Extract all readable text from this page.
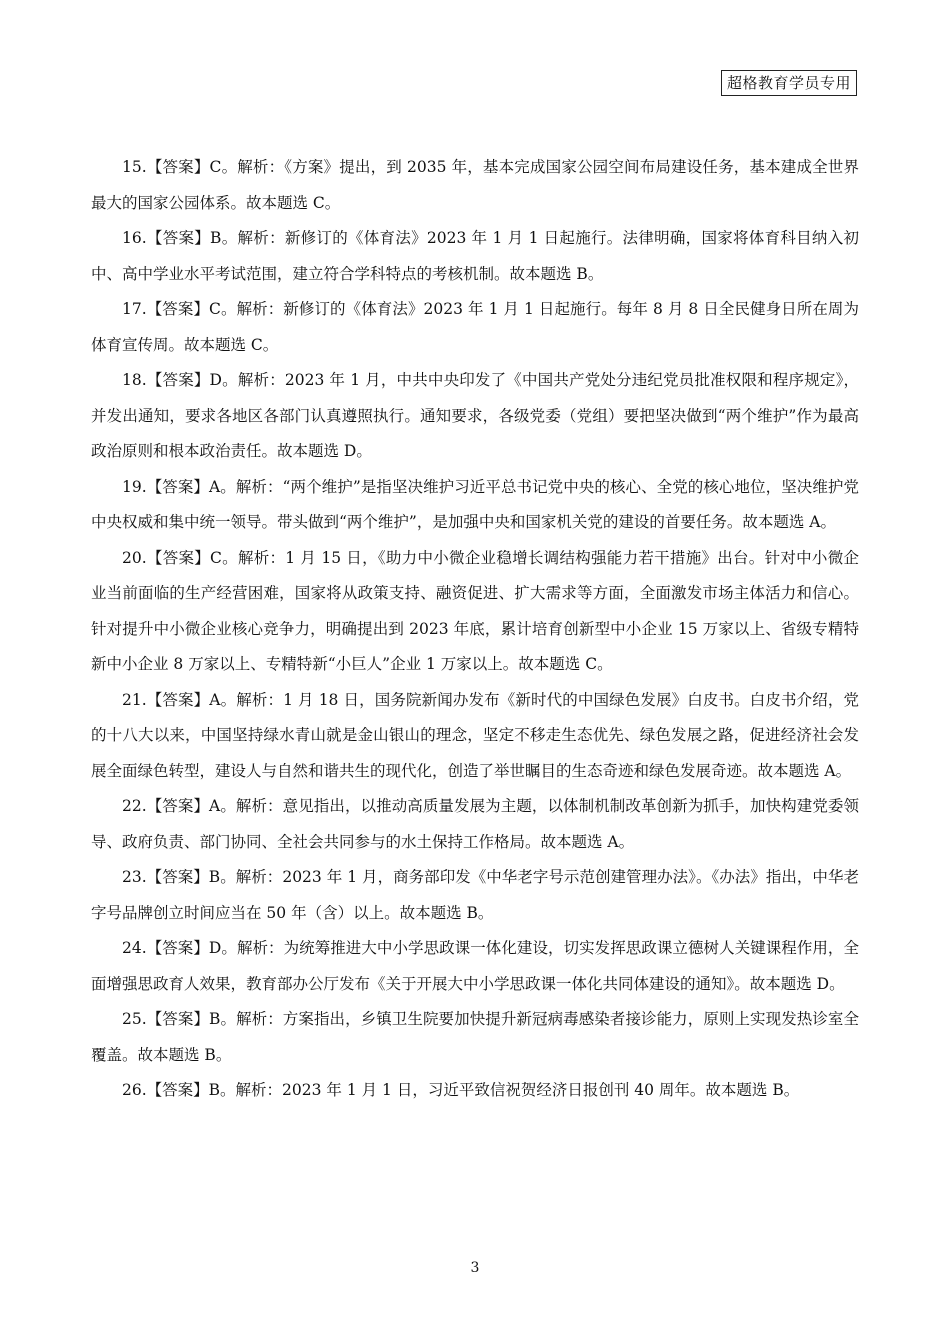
超格教育学员专用

15.【答案】C。解析：《方案》提出，到 2035 年，基本完成国家公园空间布局建设任务，基本建成全世界最大的国家公园体系。故本题选 C。

16.【答案】B。解析：新修订的《体育法》2023 年 1 月 1 日起施行。法律明确，国家将体育科目纳入初中、高中学业水平考试范围，建立符合学科特点的考核机制。故本题选 B。

17.【答案】C。解析：新修订的《体育法》2023 年 1 月 1 日起施行。每年 8 月 8 日全民健身日所在周为体育宣传周。故本题选 C。

18.【答案】D。解析：2023 年 1 月，中共中央印发了《中国共产党处分违纪党员批准权限和程序规定》，并发出通知，要求各地区各部门认真遵照执行。通知要求，各级党委（党组）要把坚决做到“两个维护”作为最高政治原则和根本政治责任。故本题选 D。

19.【答案】A。解析：“两个维护”是指坚决维护习近平总书记党中央的核心、全党的核心地位，坚决维护党中央权威和集中统一领导。带头做到“两个维护”，是加强中央和国家机关党的建设的首要任务。故本题选 A。

20.【答案】C。解析：1 月 15 日，《助力中小微企业稳增长调结构强能力若干措施》出台。针对中小微企业当前面临的生产经营困难，国家将从政策支持、融资促进、扩大需求等方面，全面激发市场主体活力和信心。针对提升中小微企业核心竞争力，明确提出到 2023 年底，累计培育创新型中小企业 15 万家以上、省级专精特新中小企业 8 万家以上、专精特新“小巨人”企业 1 万家以上。故本题选 C。

21.【答案】A。解析：1 月 18 日，国务院新闻办发布《新时代的中国绿色发展》白皮书。白皮书介绍，党的十八大以来，中国坚持绿水青山就是金山银山的理念，坚定不移走生态优先、绿色发展之路，促进经济社会发展全面绿色转型，建设人与自然和谐共生的现代化，创造了举世瞩目的生态奇迹和绿色发展奇迹。故本题选 A。

22.【答案】A。解析：意见指出，以推动高质量发展为主题，以体制机制改革创新为抓手，加快构建党委领导、政府负责、部门协同、全社会共同参与的水土保持工作格局。故本题选 A。

23.【答案】B。解析：2023 年 1 月，商务部印发《中华老字号示范创建管理办法》。《办法》指出，中华老字号品牌创立时间应当在 50 年（含）以上。故本题选 B。

24.【答案】D。解析：为统筹推进大中小学思政课一体化建设，切实发挥思政课立德树人关键课程作用，全面增强思政育人效果，教育部办公厅发布《关于开展大中小学思政课一体化共同体建设的通知》。故本题选 D。

25.【答案】B。解析：方案指出，乡镇卫生院要加快提升新冠病毒感染者接诊能力，原则上实现发热诊室全覆盖。故本题选 B。

26.【答案】B。解析：2023 年 1 月 1 日，习近平致信祝贺经济日报创刊 40 周年。故本题选 B。

3
